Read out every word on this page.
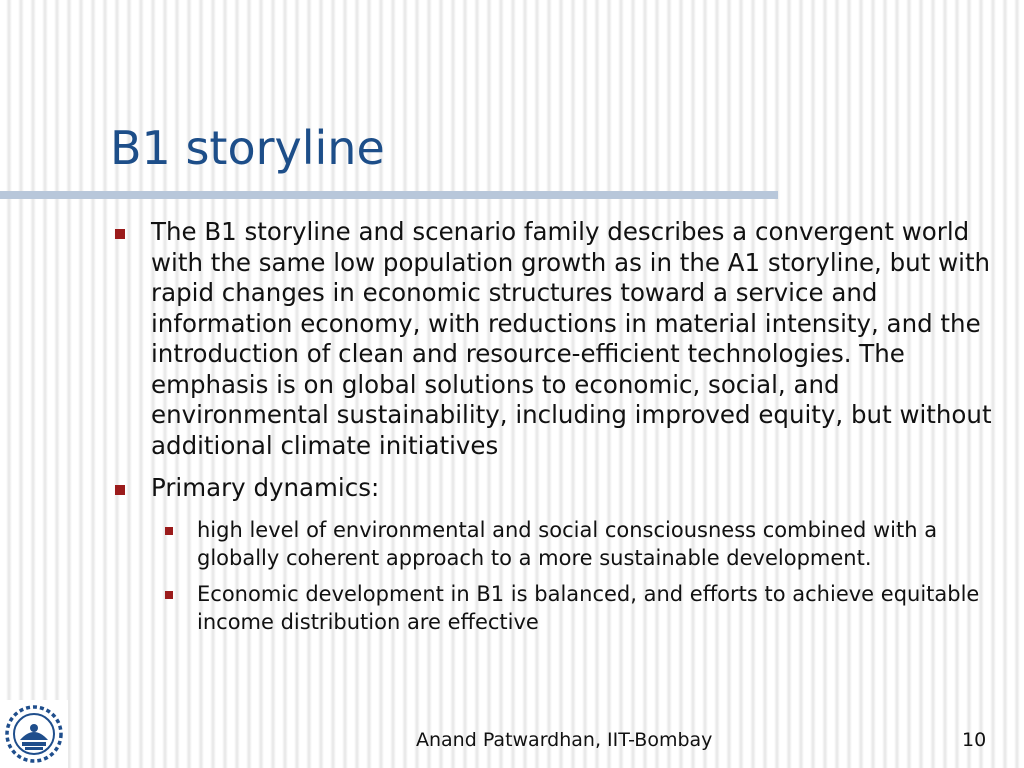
B1 storyline
The B1 storyline and scenario family describes a convergent world with the same low population growth as in the A1 storyline, but with rapid changes in economic structures toward a service and information economy, with reductions in material intensity, and the introduction of clean and resource-efficient technologies. The emphasis is on global solutions to economic, social, and environmental sustainability, including improved equity, but without additional climate initiatives
Primary dynamics:
high level of environmental and social consciousness combined with a globally coherent approach to a more sustainable development.
Economic development in B1 is balanced, and efforts to achieve equitable income distribution are effective
Anand Patwardhan, IIT-Bombay	10
